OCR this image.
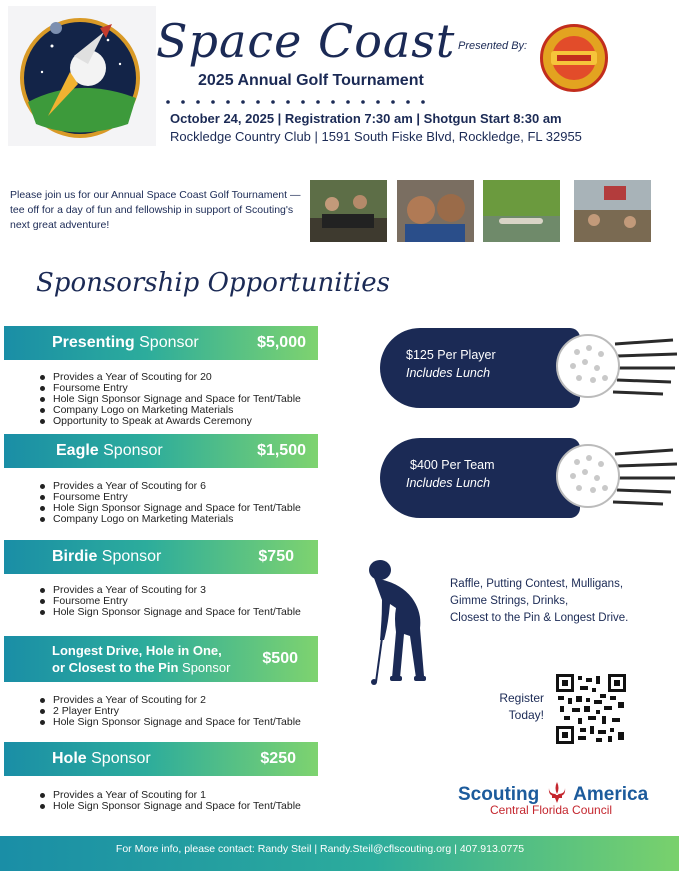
Space Coast
2025 Annual Golf Tournament
Presented By:
October 24, 2025 | Registration 7:30 am | Shotgun Start 8:30 am
Rockledge Country Club | 1591 South Fiske Blvd, Rockledge, FL 32955
Please join us for our Annual Space Coast Golf Tournament — tee off for a day of fun and fellowship in support of Scouting's next great adventure!
Sponsorship Opportunities
Presenting Sponsor	$5,000
Provides a Year of Scouting for 20
Foursome Entry
Hole Sign Sponsor Signage and Space for Tent/Table
Company Logo on Marketing Materials
Opportunity to Speak at Awards Ceremony
Eagle Sponsor	$1,500
Provides a Year of Scouting for 6
Foursome Entry
Hole Sign Sponsor Signage and Space for Tent/Table
Company Logo on Marketing Materials
Birdie Sponsor	$750
Provides a Year of Scouting for 3
Foursome Entry
Hole Sign Sponsor Signage and Space for Tent/Table
Longest Drive, Hole in One,
or Closest to the Pin Sponsor
$500
Provides a Year of Scouting for 2
2 Player Entry
Hole Sign Sponsor Signage and Space for Tent/Table
Hole Sponsor	$250
Provides a Year of Scouting for 1
Hole Sign Sponsor Signage and Space for Tent/Table
$125 Per Player
Includes Lunch
$400 Per Team
Includes Lunch
Raffle, Putting Contest, Mulligans,
Gimme Strings, Drinks,
Closest to the Pin & Longest Drive.
Register
Today!
Scouting America
Central Florida Council
For More info, please contact: Randy Steil | Randy.Steil@cflscouting.org | 407.913.0775
